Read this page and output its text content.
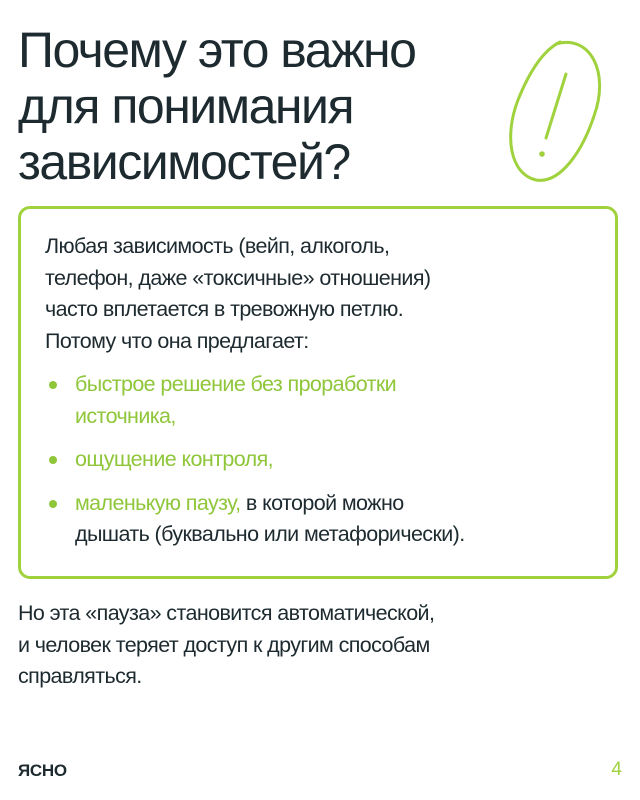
Почему это важно
для понимания
зависимостей?

Любая зависимость (вейп, алкоголь,
телефон, даже «токсичные» отношения)
часто вплетается в тревожную петлю.
Потому что она предлагает:

быстрое решение без проработки
источника,
ощущение контроля,
маленькую паузу, в которой можно
дышать (буквально или метафорически).

Но эта «пауза» становится автоматической,
и человек теряет доступ к другим способам
справляться.

ЯСНО	4
